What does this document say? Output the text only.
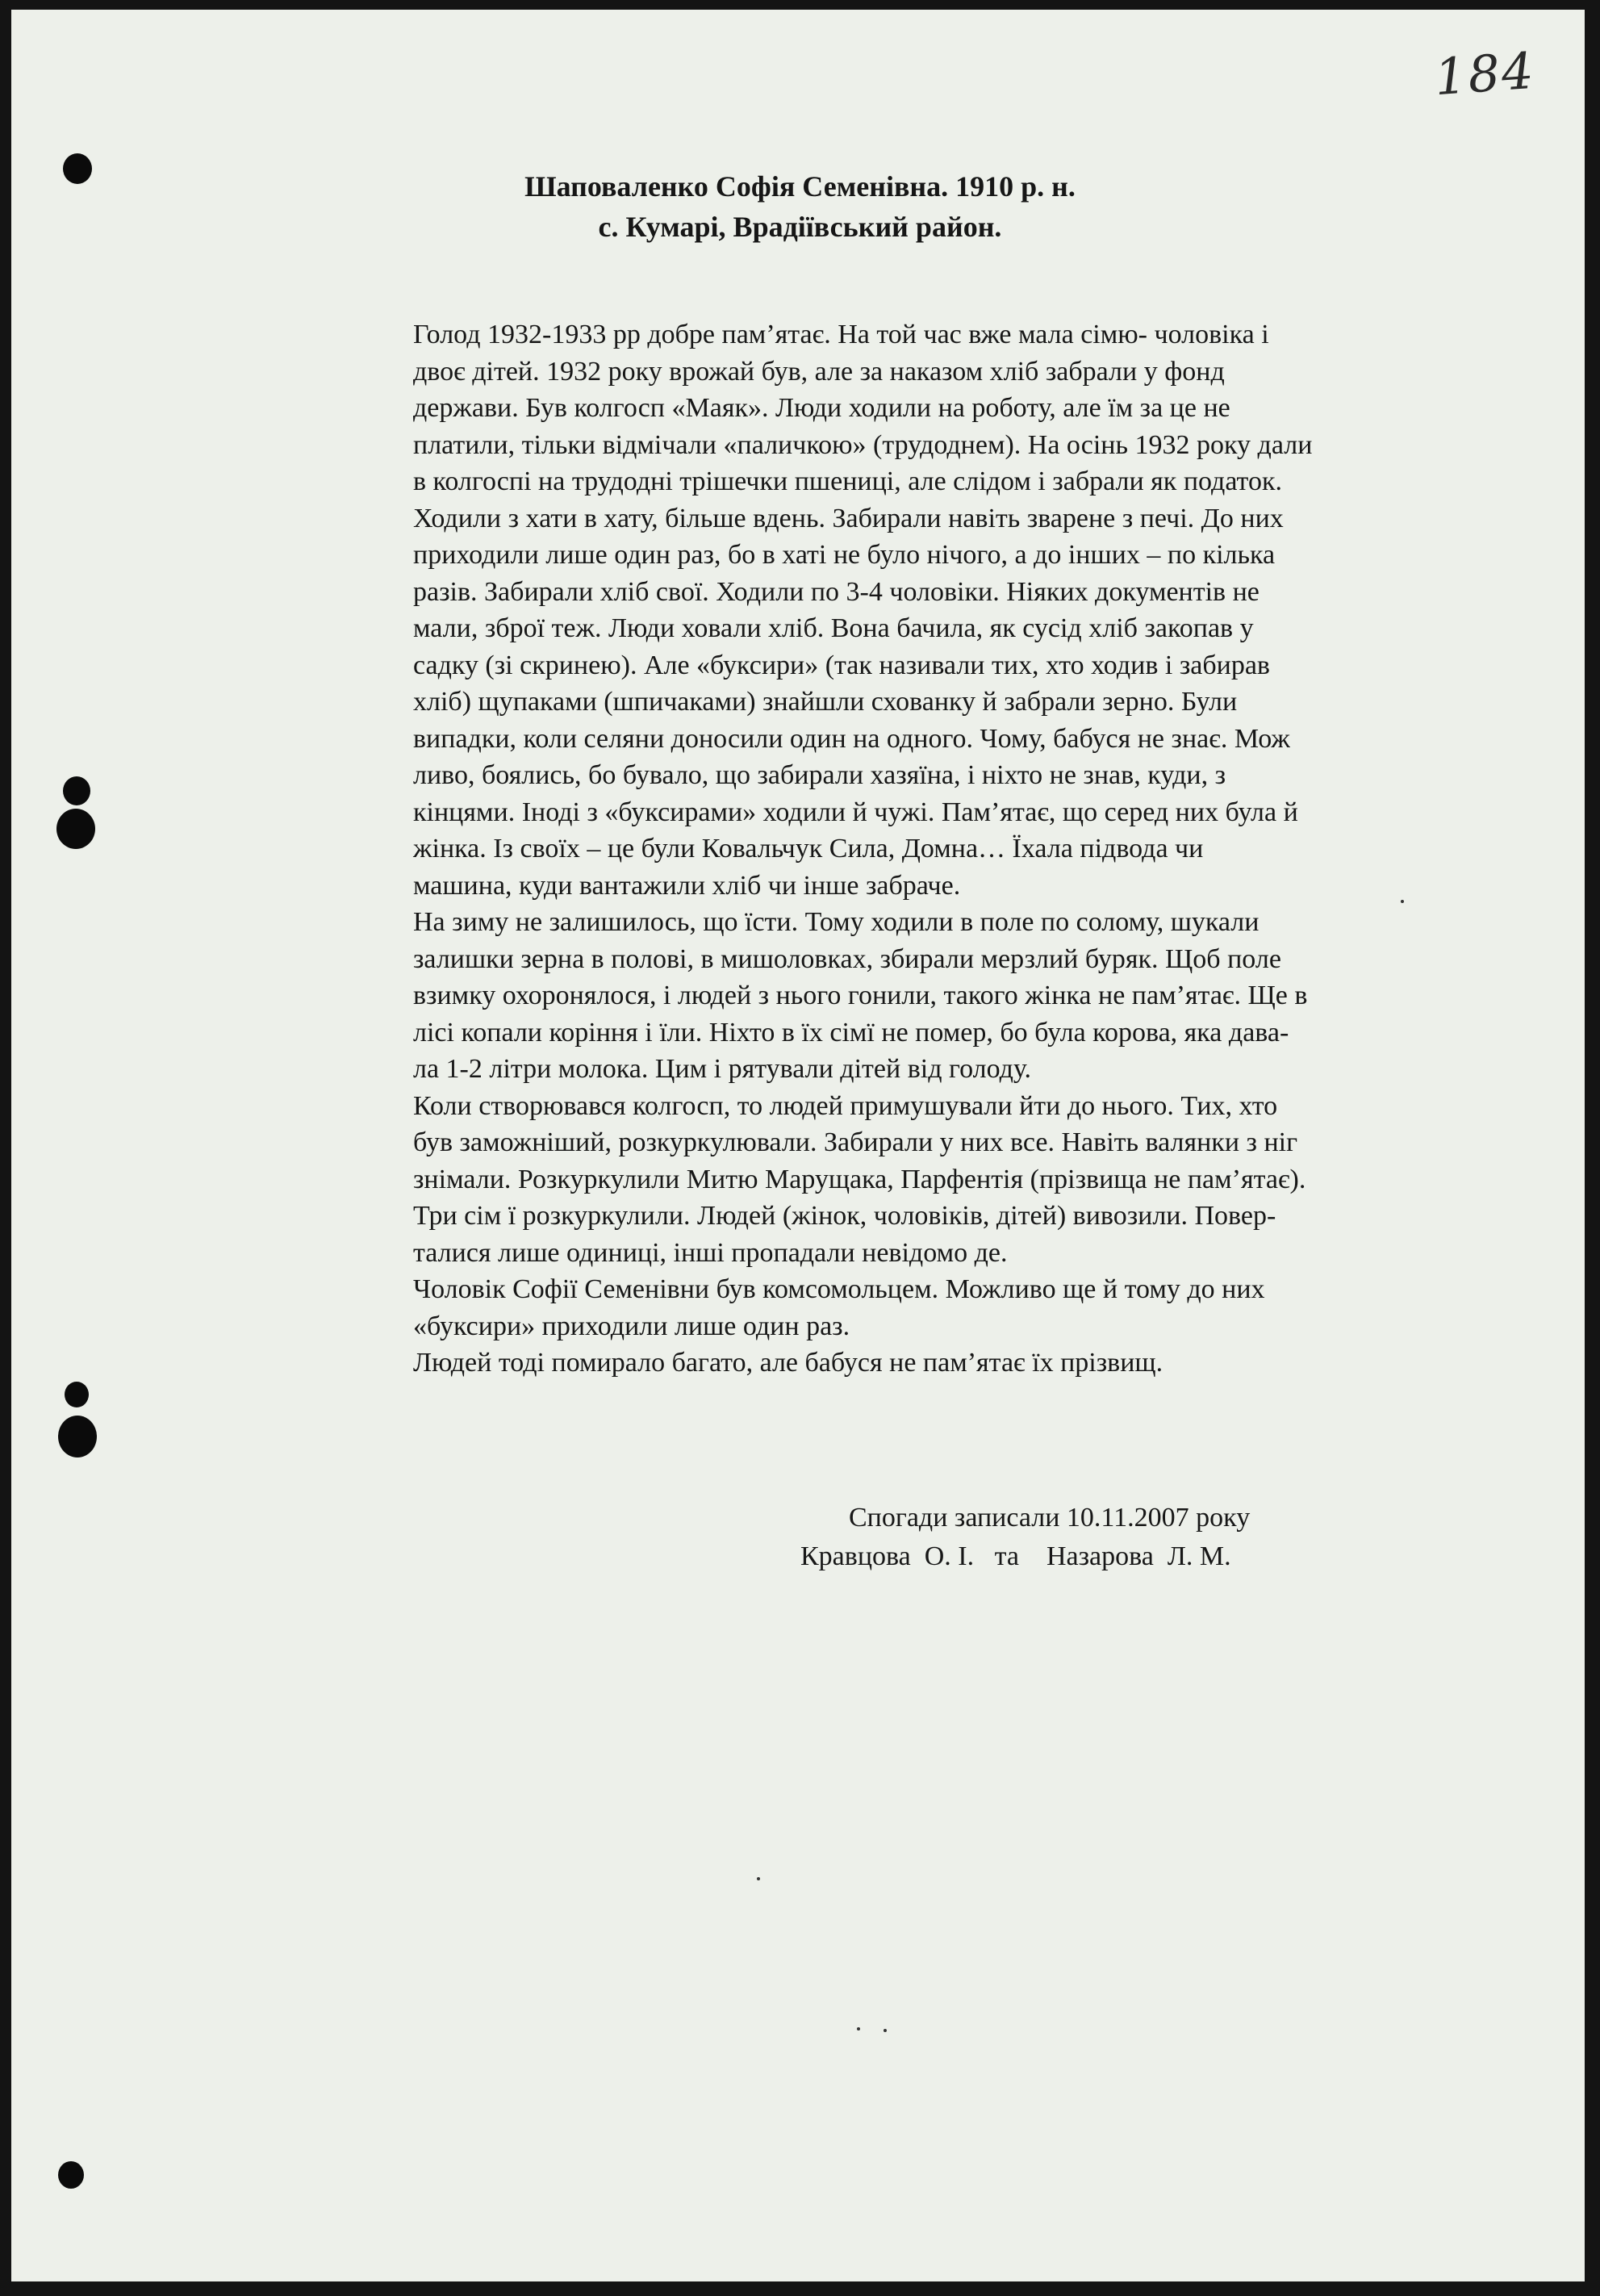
184
Шаповаленко Софія Семенівна. 1910 р. н.
с. Кумарі, Врадіївський район.
Голод 1932-1933 рр добре пам’ятає. На той час вже мала сімю- чоловіка і
двоє дітей. 1932 року врожай був, але за наказом хліб забрали у фонд
держави. Був колгосп «Маяк». Люди ходили на роботу, але їм за це не
платили, тільки відмічали «паличкою» (трудоднем). На осінь 1932 року дали
в колгоспі на трудодні трішечки пшениці, але слідом і забрали як податок.
Ходили з хати в хату, більше вдень. Забирали навіть зварене з печі. До них
приходили лише один раз, бо в хаті не було нічого, а до інших – по кілька
разів. Забирали хліб свої. Ходили по 3-4 чоловіки. Ніяких документів не
мали, зброї теж. Люди ховали хліб. Вона бачила, як сусід хліб закопав у
садку (зі скринею). Але «буксири» (так називали тих, хто ходив і забирав
хліб) щупаками (шпичаками) знайшли схованку й забрали зерно. Були
випадки, коли селяни доносили один на одного. Чому, бабуся не знає. Мож
ливо, боялись, бо бувало, що забирали хазяїна, і ніхто не знав, куди, з
кінцями. Іноді з «буксирами» ходили й чужі. Пам’ятає, що серед них була й
жінка. Із своїх – це були Ковальчук Сила, Домна… Їхала підвода чи
машина, куди вантажили хліб чи інше забраче.
На зиму не залишилось, що їсти. Тому ходили в поле по солому, шукали
залишки зерна в полові, в мишоловках, збирали мерзлий буряк. Щоб поле
взимку охоронялося, і людей з нього гонили, такого жінка не пам’ятає. Ще в
лісі копали коріння і їли. Ніхто в їх сімї не помер, бо була корова, яка дава-
ла 1-2 літри молока. Цим і рятували дітей від голоду.
Коли створювався колгосп, то людей примушували йти до нього. Тих, хто
був заможніший, розкуркулювали. Забирали у них все. Навіть валянки з ніг
знімали. Розкуркулили Митю Марущака, Парфентія (прізвища не пам’ятає).
Три сім ї розкуркулили. Людей (жінок, чоловіків, дітей) вивозили. Повер-
талися лише одиниці, інші пропадали невідомо де.
Чоловік Софії Семенівни був комсомольцем. Можливо ще й тому до них
«буксири» приходили лише один раз.
Людей тоді помирало багато, але бабуся не пам’ятає їх прізвищ.
Спогади записали 10.11.2007 року
Кравцова  О. І.   та    Назарова  Л. М.
